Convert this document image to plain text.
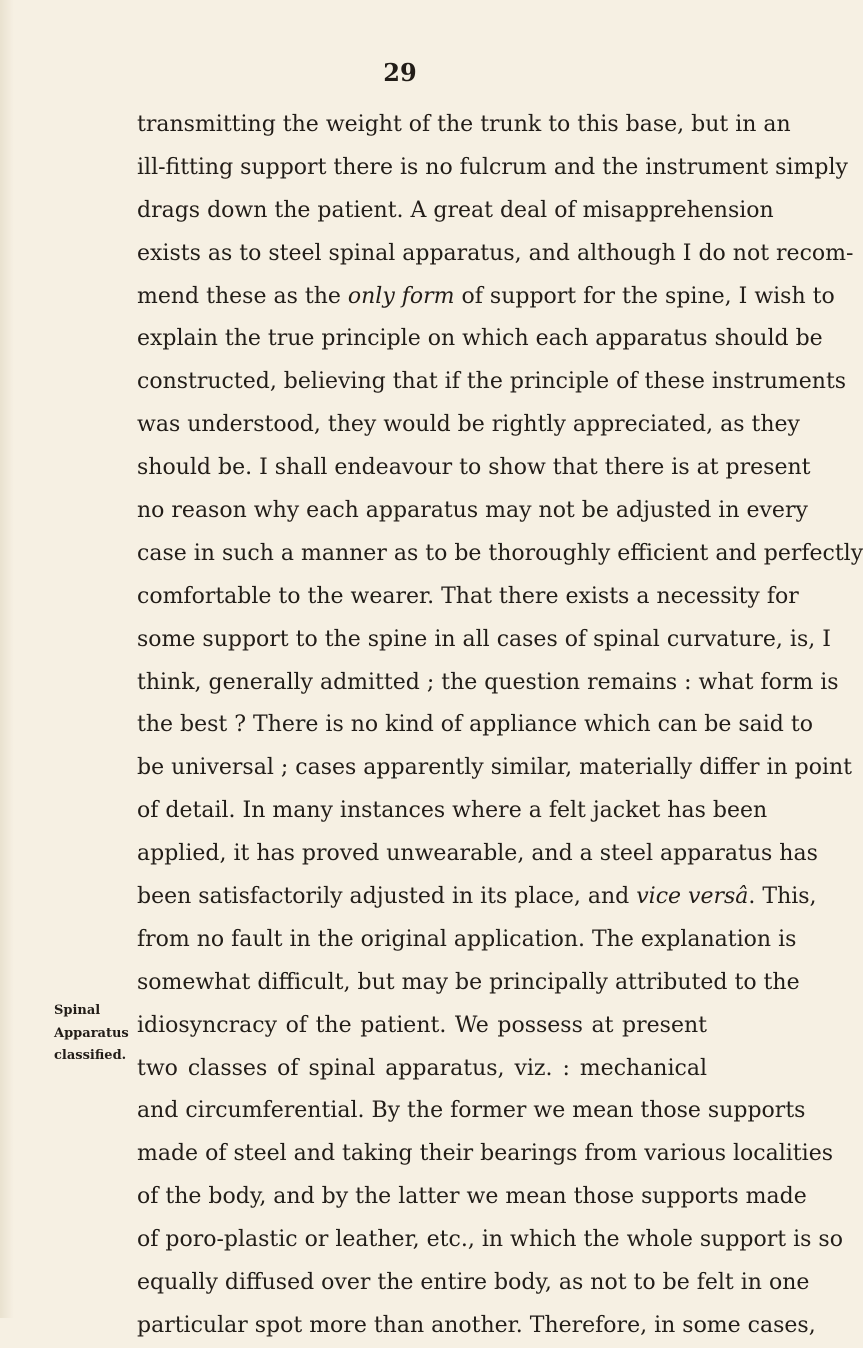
29
transmitting the weight of the trunk to this base, but in an
ill-fitting support there is no fulcrum and the instrument simply
drags down the patient. A great deal of misapprehension
exists as to steel spinal apparatus, and although I do not recom-
mend these as the only form of support for the spine, I wish to
explain the true principle on which each apparatus should be
constructed, believing that if the principle of these instruments
was understood, they would be rightly appreciated, as they
should be. I shall endeavour to show that there is at present
no reason why each apparatus may not be adjusted in every
case in such a manner as to be thoroughly efficient and perfectly
comfortable to the wearer. That there exists a necessity for
some support to the spine in all cases of spinal curvature, is, I
think, generally admitted ; the question remains : what form is
the best ? There is no kind of appliance which can be said to
be universal ; cases apparently similar, materially differ in point
of detail. In many instances where a felt jacket has been
applied, it has proved unwearable, and a steel apparatus has
been satisfactorily adjusted in its place, and vice versâ. This,
from no fault in the original application. The explanation is
somewhat difficult, but may be principally attributed to the
idiosyncracy of the patient. We possess at present
two classes of spinal apparatus, viz. : mechanical
and circumferential. By the former we mean those supports
made of steel and taking their bearings from various localities
of the body, and by the latter we mean those supports made
of poro-plastic or leather, etc., in which the whole support is so
equally diffused over the entire body, as not to be felt in one
particular spot more than another. Therefore, in some cases,
Spinal
Apparatus
classified.
